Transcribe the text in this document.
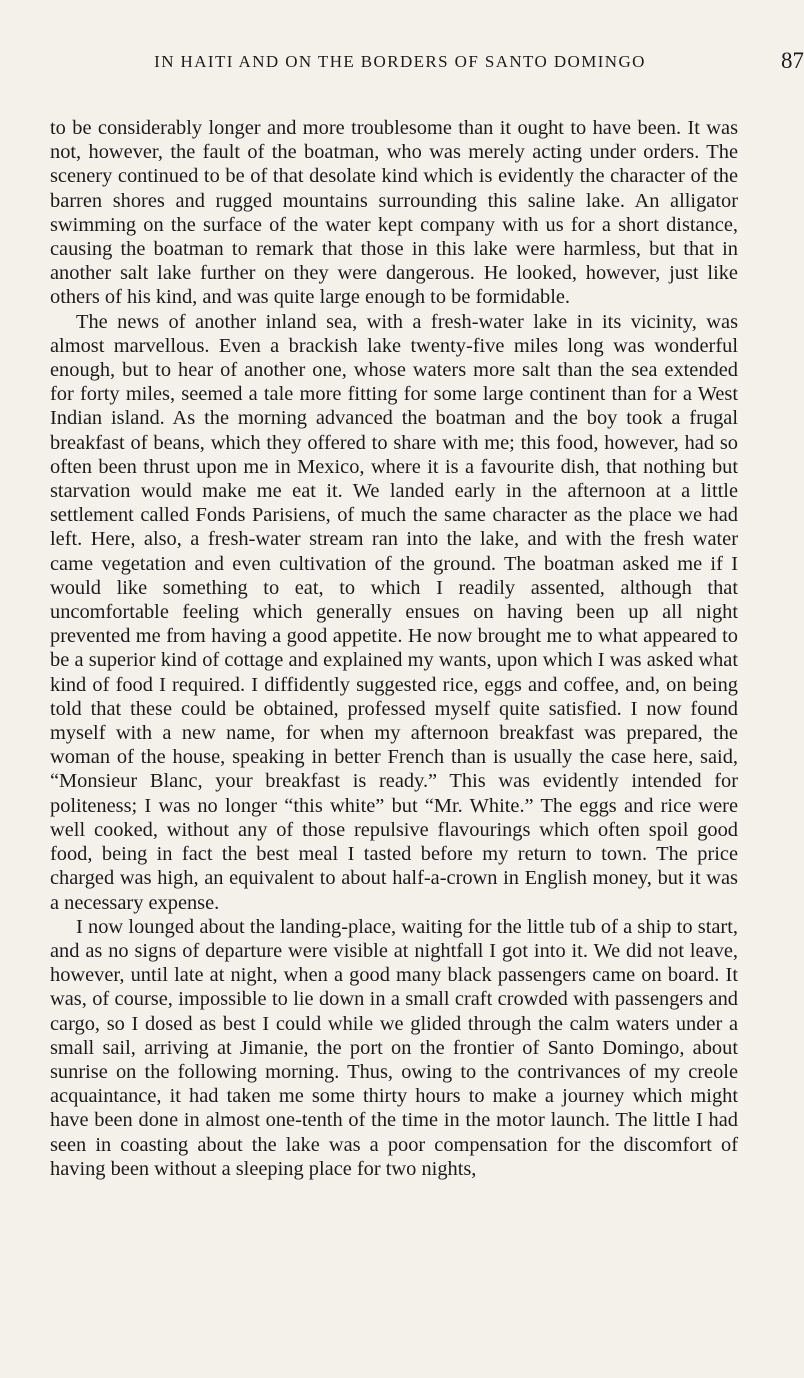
IN HAITI AND ON THE BORDERS OF SANTO DOMINGO	87

to be considerably longer and more troublesome than it ought to have been. It was not, however, the fault of the boatman, who was merely acting under orders. The scenery continued to be of that desolate kind which is evidently the character of the barren shores and rugged mountains surrounding this saline lake. An alligator swimming on the surface of the water kept company with us for a short distance, causing the boatman to remark that those in this lake were harmless, but that in another salt lake further on they were dangerous. He looked, however, just like others of his kind, and was quite large enough to be formidable.

The news of another inland sea, with a fresh-water lake in its vicinity, was almost marvellous. Even a brackish lake twenty-five miles long was wonderful enough, but to hear of another one, whose waters more salt than the sea extended for forty miles, seemed a tale more fitting for some large continent than for a West Indian island. As the morning advanced the boatman and the boy took a frugal breakfast of beans, which they offered to share with me; this food, however, had so often been thrust upon me in Mexico, where it is a favourite dish, that nothing but starvation would make me eat it. We landed early in the afternoon at a little settlement called Fonds Parisiens, of much the same character as the place we had left. Here, also, a fresh-water stream ran into the lake, and with the fresh water came vegetation and even cultivation of the ground. The boatman asked me if I would like something to eat, to which I readily assented, although that uncomfortable feeling which generally ensues on having been up all night prevented me from having a good appetite. He now brought me to what appeared to be a superior kind of cottage and explained my wants, upon which I was asked what kind of food I required. I diffidently suggested rice, eggs and coffee, and, on being told that these could be obtained, professed myself quite satisfied. I now found myself with a new name, for when my afternoon breakfast was prepared, the woman of the house, speaking in better French than is usually the case here, said, “Monsieur Blanc, your breakfast is ready.” This was evidently intended for politeness; I was no longer “this white” but “Mr. White.” The eggs and rice were well cooked, without any of those repulsive flavourings which often spoil good food, being in fact the best meal I tasted before my return to town. The price charged was high, an equivalent to about half-a-crown in English money, but it was a necessary expense.

I now lounged about the landing-place, waiting for the little tub of a ship to start, and as no signs of departure were visible at nightfall I got into it. We did not leave, however, until late at night, when a good many black passengers came on board. It was, of course, impossible to lie down in a small craft crowded with passengers and cargo, so I dosed as best I could while we glided through the calm waters under a small sail, arriving at Jimanie, the port on the frontier of Santo Domingo, about sunrise on the following morning. Thus, owing to the contrivances of my creole acquaintance, it had taken me some thirty hours to make a journey which might have been done in almost one-tenth of the time in the motor launch. The little I had seen in coasting about the lake was a poor compensation for the discomfort of having been without a sleeping place for two nights,
